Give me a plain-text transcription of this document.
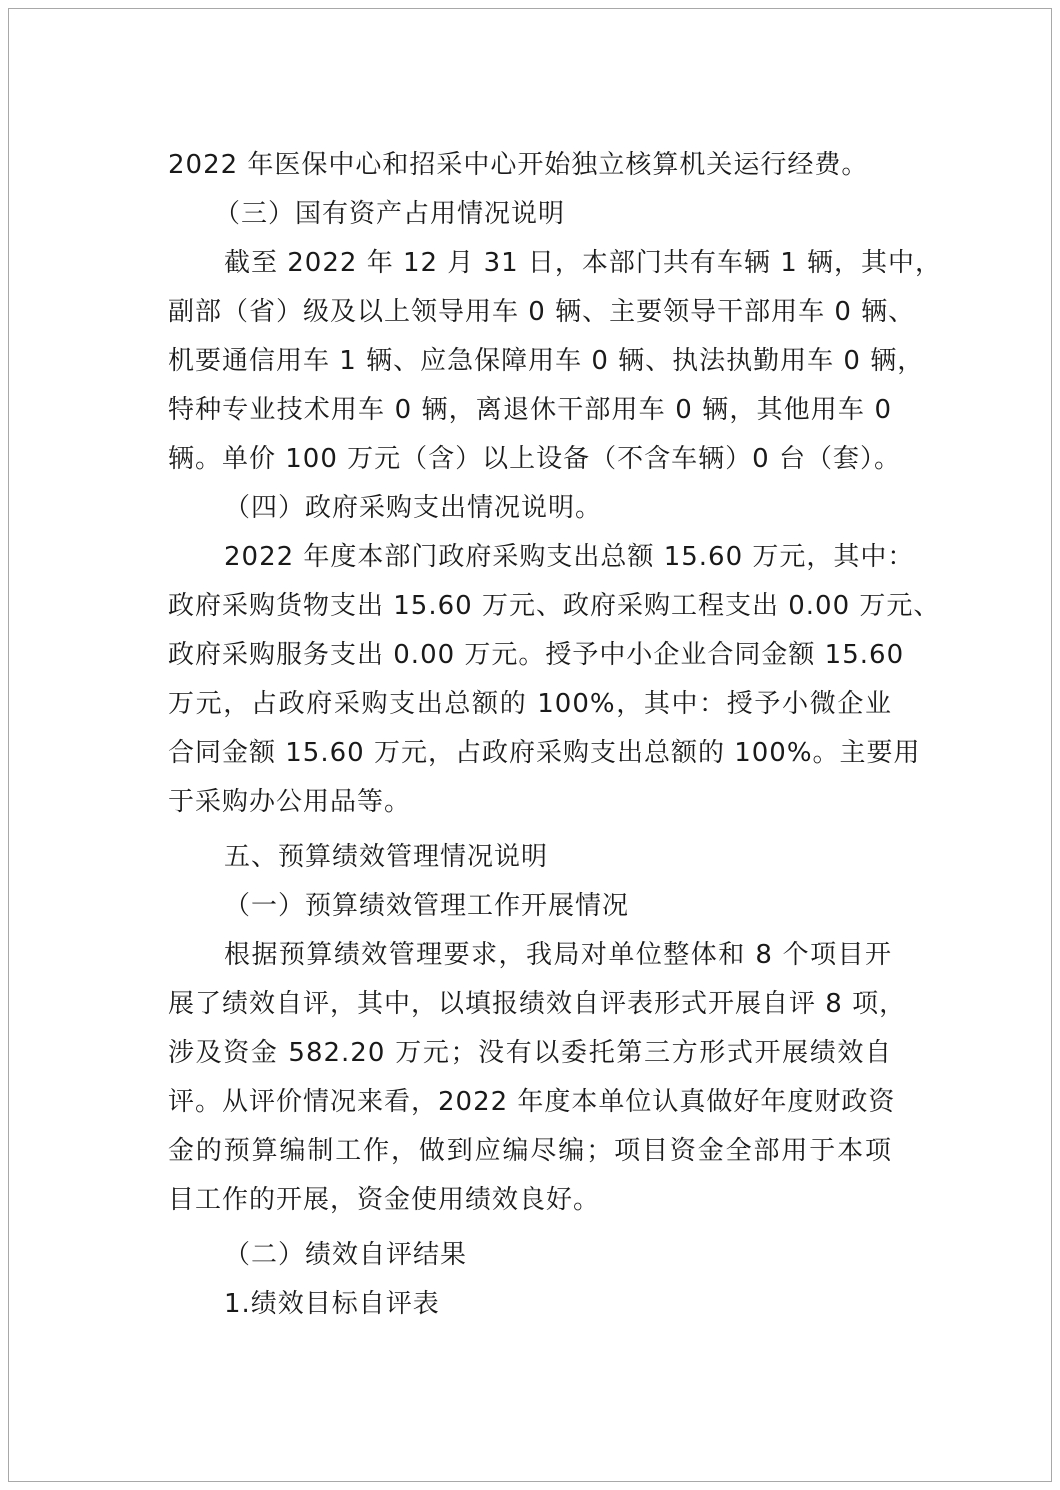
2022 年医保中心和招采中心开始独立核算机关运行经费。
（三）国有资产占用情况说明
截至 2022 年 12 月 31 日，本部门共有车辆 1 辆，其中，
副部（省）级及以上领导用车 0 辆、主要领导干部用车 0 辆、
机要通信用车 1 辆、应急保障用车 0 辆、执法执勤用车 0 辆，
特种专业技术用车 0 辆，离退休干部用车 0 辆，其他用车 0
辆。单价 100 万元（含）以上设备（不含车辆）0 台（套）。
（四）政府采购支出情况说明。
2022 年度本部门政府采购支出总额 15.60 万元，其中：
政府采购货物支出 15.60 万元、政府采购工程支出 0.00 万元、
政府采购服务支出 0.00 万元。授予中小企业合同金额 15.60
万元，占政府采购支出总额的 100%，其中：授予小微企业
合同金额 15.60 万元，占政府采购支出总额的 100%。主要用
于采购办公用品等。
五、预算绩效管理情况说明
（一）预算绩效管理工作开展情况
根据预算绩效管理要求，我局对单位整体和 8 个项目开
展了绩效自评，其中，以填报绩效自评表形式开展自评 8 项，
涉及资金 582.20 万元；没有以委托第三方形式开展绩效自
评。从评价情况来看，2022 年度本单位认真做好年度财政资
金的预算编制工作，做到应编尽编；项目资金全部用于本项
目工作的开展，资金使用绩效良好。
（二）绩效自评结果
1.绩效目标自评表
